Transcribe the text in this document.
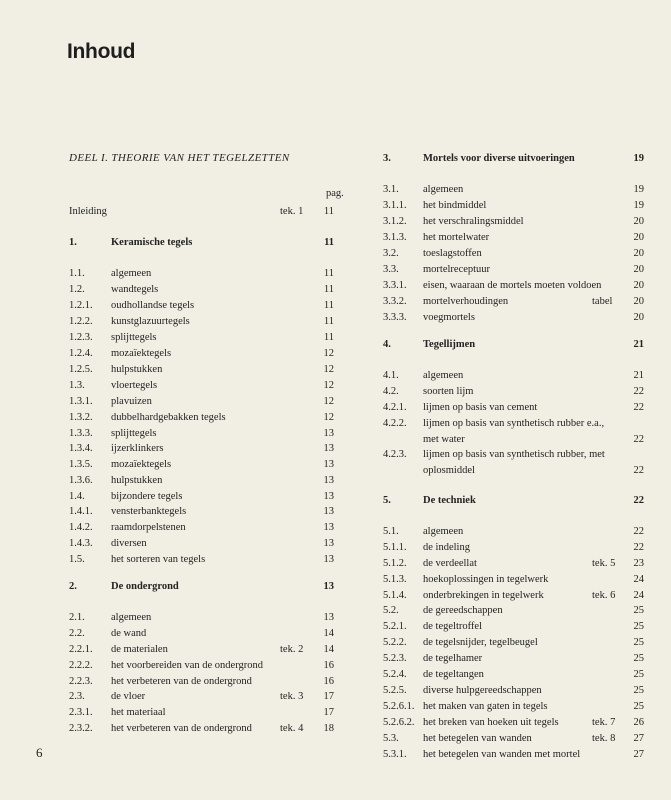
Inhoud
DEEL I. THEORIE VAN HET TEGELZETTEN
pag.
Inleiding	tek. 1	11
1.	Keramische tegels	11
1.1.	algemeen	11
1.2.	wandtegels	11
1.2.1. oudhollandse tegels	11
1.2.2. kunstglazuurtegels	11
1.2.3. splijttegels	11
1.2.4. mozaïektegels	12
1.2.5. hulpstukken	12
1.3.	vloertegels	12
1.3.1. plavuizen	12
1.3.2. dubbelhardgebakken tegels	12
1.3.3. splijttegels	13
1.3.4. ijzerklinkers	13
1.3.5. mozaïektegels	13
1.3.6. hulpstukken	13
1.4.	bijzondere tegels	13
1.4.1. vensterbanktegels	13
1.4.2. raamdorpelstenen	13
1.4.3. diversen	13
1.5.	het sorteren van tegels	13
2.	De ondergrond	13
2.1.	algemeen	13
2.2.	de wand	14
2.2.1. de materialen	tek. 2	14
2.2.2. het voorbereiden van de ondergrond	16
2.2.3. het verbeteren van de ondergrond	16
2.3.	de vloer	tek. 3	17
2.3.1. het materiaal	17
2.3.2. het verbeteren van de ondergrond	tek. 4	18
3.	Mortels voor diverse uitvoeringen	19
3.1. algemeen	19
3.1.1. het bindmiddel	19
3.1.2. het verschralingsmiddel	20
3.1.3. het mortelwater	20
3.2. toeslagstoffen	20
3.3. mortelreceptuur	20
3.3.1. eisen, waaraan de mortels moeten voldoen	20
3.3.2. mortelverhoudingen	tabel	20
3.3.3. voegmortels	20
4.	Tegellijmen	21
4.1. algemeen	21
4.2. soorten lijm	22
4.2.1. lijmen op basis van cement	22
4.2.2. lijmen op basis van synthetisch rubber e.a.,
met water	22
4.2.3. lijmen op basis van synthetisch rubber, met
oplosmiddel	22
5.	De techniek	22
5.1. algemeen	22
5.1.1. de indeling	22
5.1.2. de verdeellat	tek. 5	23
5.1.3. hoekoplossingen in tegelwerk	24
5.1.4. onderbrekingen in tegelwerk	tek. 6	24
5.2. de gereedschappen	25
5.2.1. de tegeltroffel	25
5.2.2. de tegelsnijder, tegelbeugel	25
5.2.3. de tegelhamer	25
5.2.4. de tegeltangen	25
5.2.5. diverse hulpgereedschappen	25
5.2.6.1. het maken van gaten in tegels	25
5.2.6.2. het breken van hoeken uit tegels	tek. 7	26
5.3. het betegelen van wanden	tek. 8	27
5.3.1. het betegelen van wanden met mortel	27
6
